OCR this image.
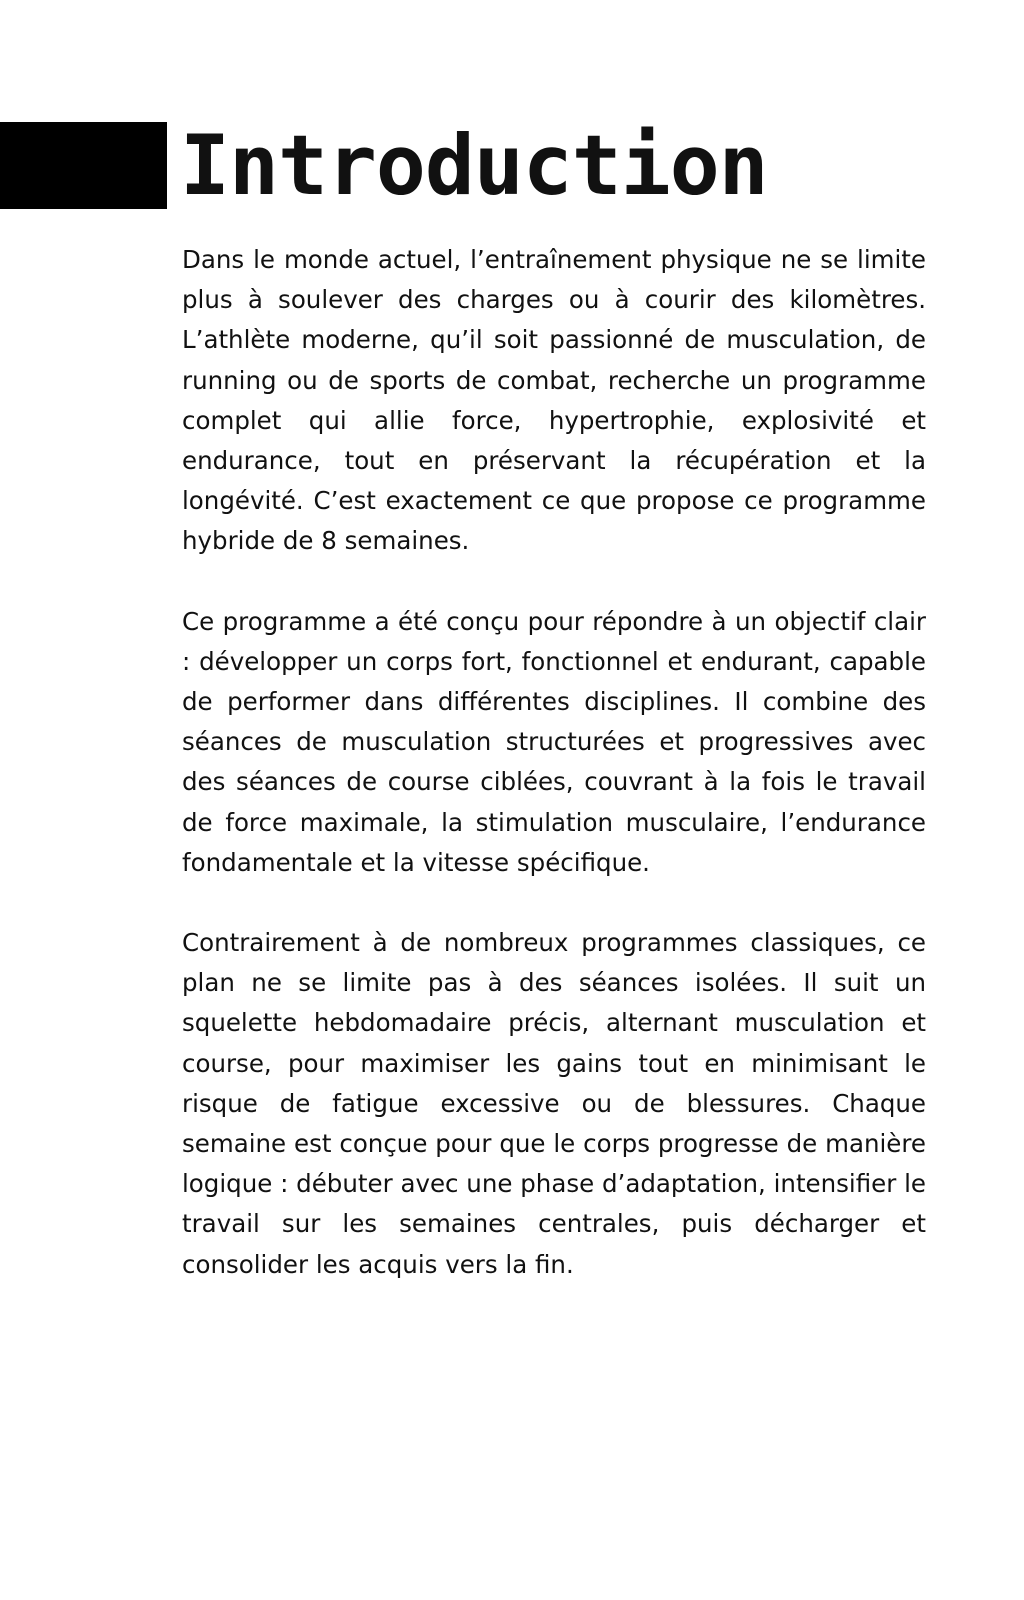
Introduction

Dans le monde actuel, l’entraînement physique ne se limite plus à soulever des charges ou à courir des kilomètres. L’athlète moderne, qu’il soit passionné de musculation, de running ou de sports de combat, recherche un programme complet qui allie force, hypertrophie, explosivité et endurance, tout en préservant la récupération et la longévité. C’est exactement ce que propose ce programme hybride de 8 semaines.

Ce programme a été conçu pour répondre à un objectif clair : développer un corps fort, fonctionnel et endurant, capable de performer dans différentes disciplines. Il combine des séances de musculation structurées et progressives avec des séances de course ciblées, couvrant à la fois le travail de force maximale, la stimulation musculaire, l’endurance fondamentale et la vitesse spécifique.

Contrairement à de nombreux programmes classiques, ce plan ne se limite pas à des séances isolées. Il suit un squelette hebdomadaire précis, alternant musculation et course, pour maximiser les gains tout en minimisant le risque de fatigue excessive ou de blessures. Chaque semaine est conçue pour que le corps progresse de manière logique : débuter avec une phase d’adaptation, intensifier le travail sur les semaines centrales, puis décharger et consolider les acquis vers la fin.
